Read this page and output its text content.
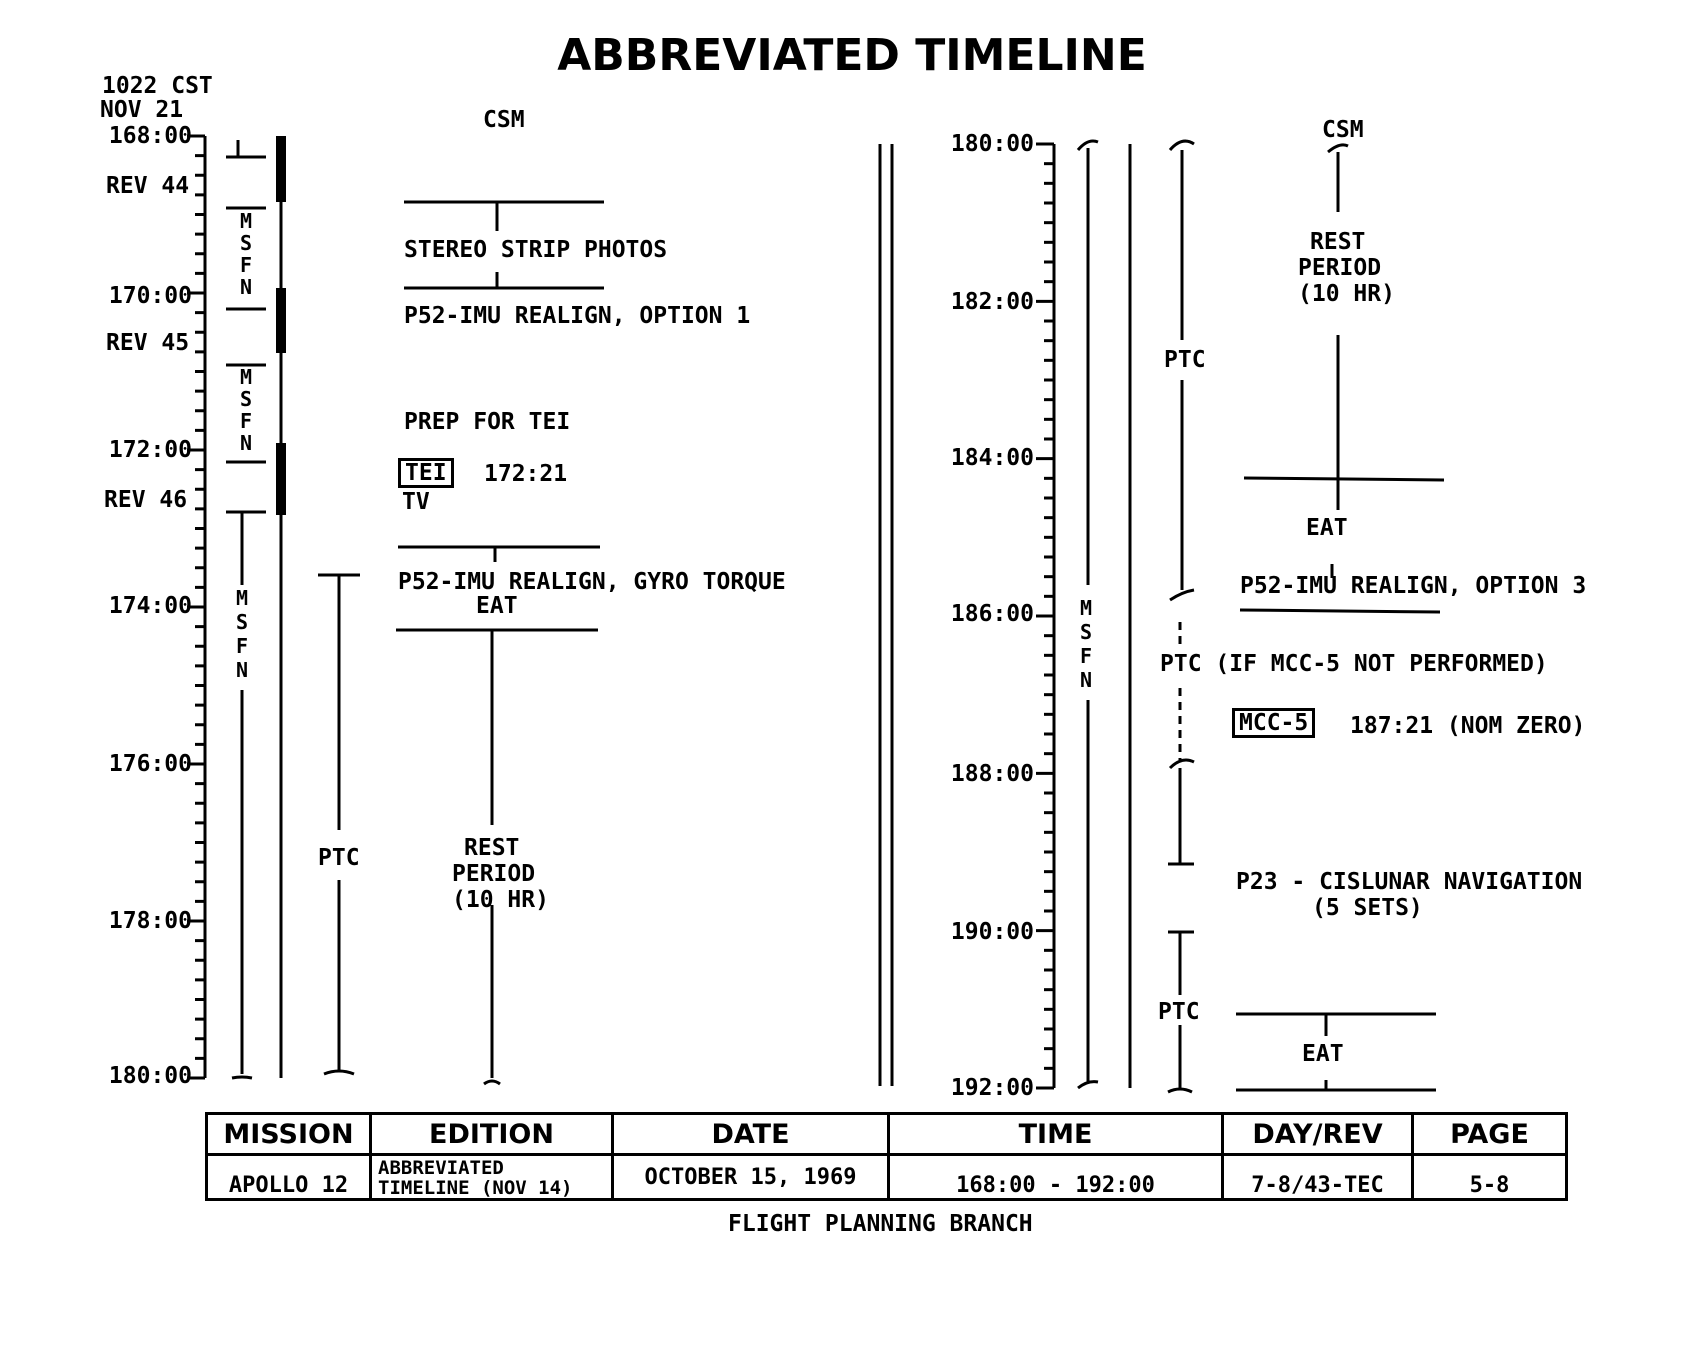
ABBREVIATED TIMELINE
1022 CST
NOV 21
168:00
170:00
172:00
174:00
176:00
178:00
180:00
REV 44
REV 45
REV 46
M
S
F
N
M
S
F
N
M
S
F
N
PTC
CSM
STEREO STRIP PHOTOS
P52-IMU REALIGN, OPTION 1
PREP FOR TEI
TEI	172:21
TV
P52-IMU REALIGN, GYRO TORQUE
EAT
REST
PERIOD
(10 HR)
180:00
182:00
184:00
186:00
188:00
190:00
192:00
M
S
F
N
PTC
PTC (IF MCC-5 NOT PERFORMED)
PTC
CSM
REST
PERIOD
(10 HR)
EAT
P52-IMU REALIGN, OPTION 3
MCC-5	187:21 (NOM ZERO)
P23 - CISLUNAR NAVIGATION
(5 SETS)
EAT
MISSION	EDITION	DATE	TIME	DAY/REV	PAGE
APOLLO 12	ABBREVIATED
TIMELINE (NOV 14)	OCTOBER 15, 1969	168:00 - 192:00	7-8/43-TEC	5-8
FLIGHT PLANNING BRANCH
